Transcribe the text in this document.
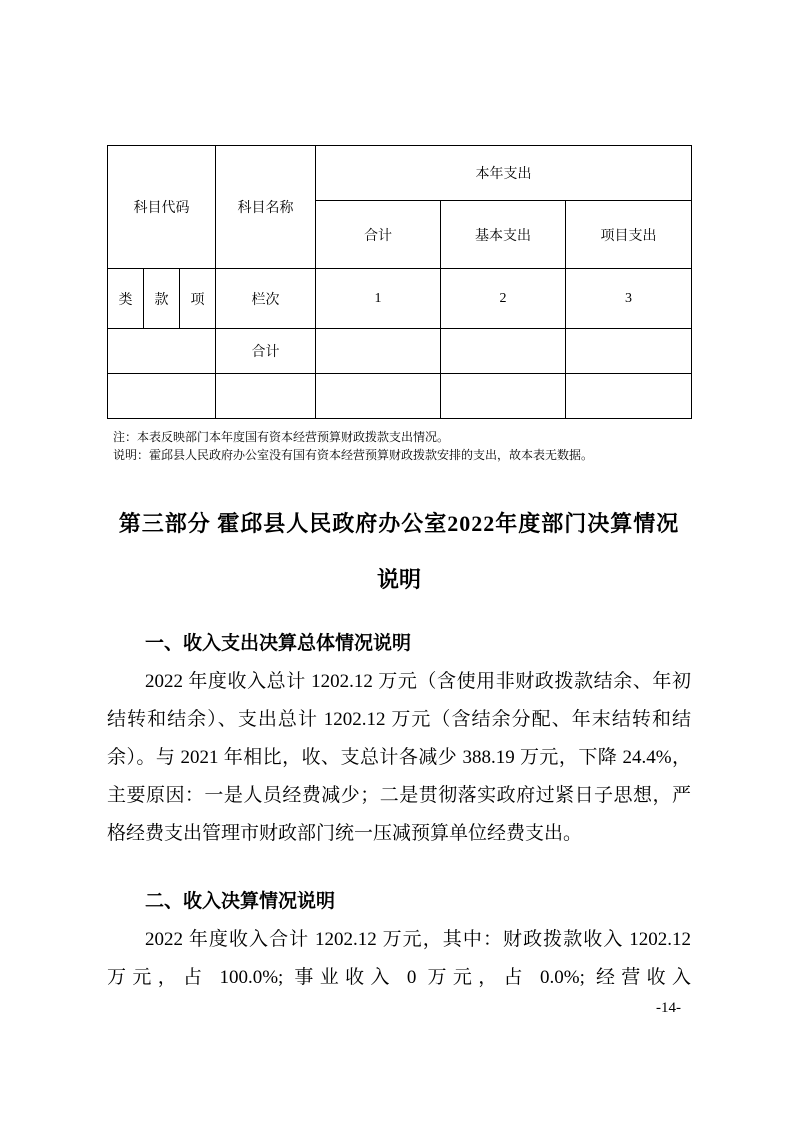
科目代码			科目名称	本年支出		
				合计	基本支出	项目支出
类	款	项	栏次	1	2	3
			合计			

注：本表反映部门本年度国有资本经营预算财政拨款支出情况。

说明：霍邱县人民政府办公室没有国有资本经营预算财政拨款安排的支出，故本表无数据。

第三部分 霍邱县人民政府办公室2022年度部门决算情况
说明
一、收入支出决算总体情况说明

2022 年度收入总计 1202.12 万元（含使用非财政拨款结余、年初结转和结余）、支出总计 1202.12 万元（含结余分配、年末结转和结余）。与 2021 年相比，收、支总计各减少 388.19 万元，下降 24.4%，主要原因：一是人员经费减少；二是贯彻落实政府过紧日子思想，严格经费支出管理市财政部门统一压减预算单位经费支出。

二、收入决算情况说明

2022 年度收入合计 1202.12 万元，其中：财政拨款收入 1202.12 万元，占 100.0%; 事业收入 0 万元，占 0.0%; 经营收入

-14-
